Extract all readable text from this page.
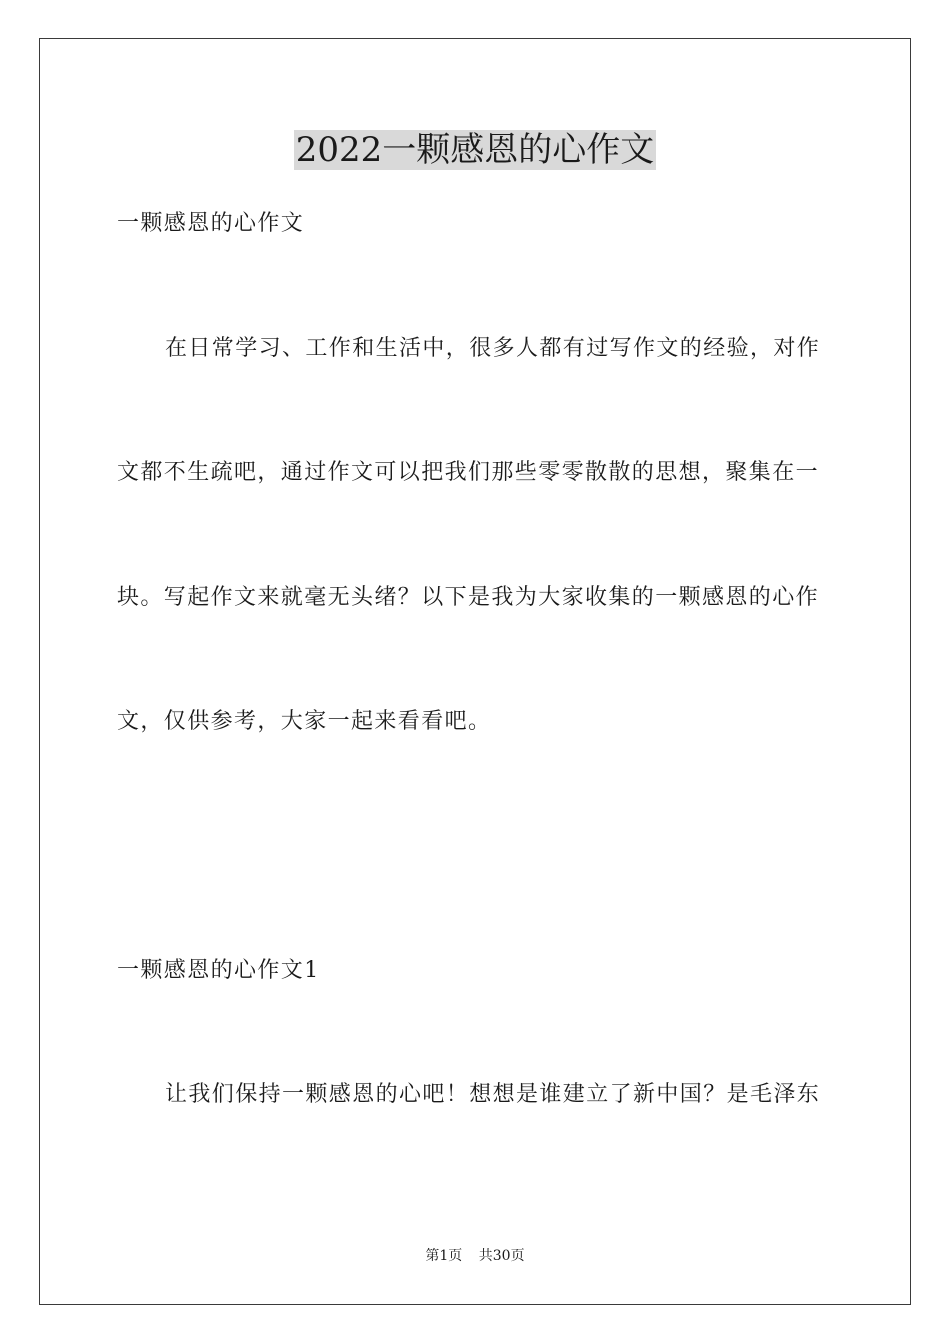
2022一颗感恩的心作文
一颗感恩的心作文
在日常学习、工作和生活中，很多人都有过写作文的经验，对作
文都不生疏吧，通过作文可以把我们那些零零散散的思想，聚集在一
块。写起作文来就毫无头绪？以下是我为大家收集的一颗感恩的心作
文，仅供参考，大家一起来看看吧。
一颗感恩的心作文1
让我们保持一颗感恩的心吧！想想是谁建立了新中国？是毛泽东
第1页 共30页
